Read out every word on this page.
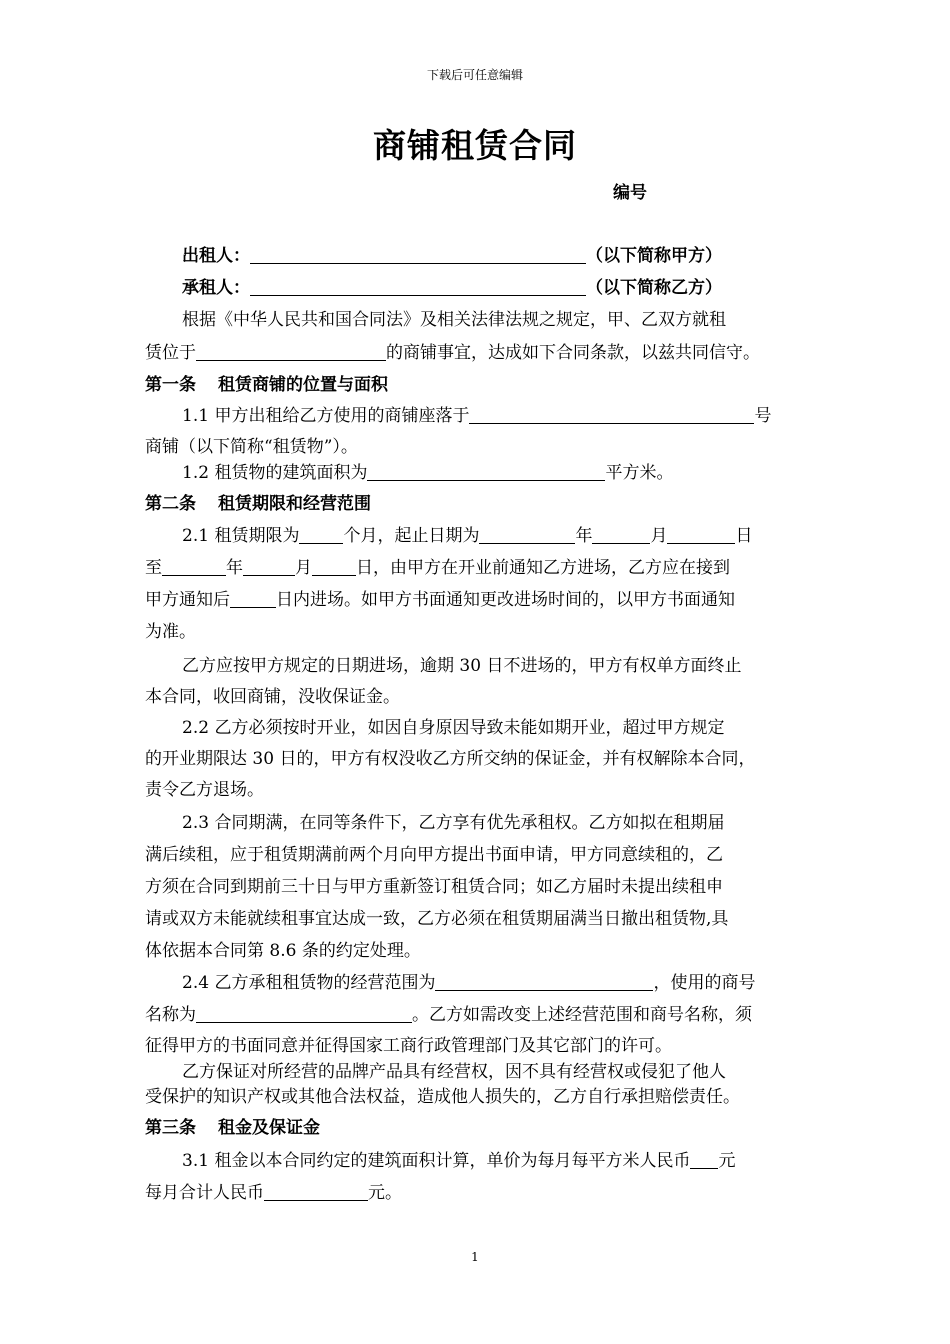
下载后可任意编辑
商铺租赁合同
编号
出租人：	（以下简称甲方）
承租人：	（以下简称乙方）
根据《中华人民共和国合同法》及相关法律法规之规定，甲、乙双方就租
赁位于	的商铺事宜，达成如下合同条款，以兹共同信守。
第一条 租赁商铺的位置与面积
1.1 甲方出租给乙方使用的商铺座落于	号
商铺（以下简称“租赁物”）。
1.2 租赁物的建筑面积为	平方米。
第二条 租赁期限和经营范围
2.1 租赁期限为	个月，起止日期为	年	月	日
至	年	月	日，由甲方在开业前通知乙方进场，乙方应在接到
甲方通知后	日内进场。如甲方书面通知更改进场时间的，以甲方书面通知
为准。
乙方应按甲方规定的日期进场，逾期 30 日不进场的，甲方有权单方面终止
本合同，收回商铺，没收保证金。
2.2 乙方必须按时开业，如因自身原因导致未能如期开业，超过甲方规定
的开业期限达 30 日的，甲方有权没收乙方所交纳的保证金，并有权解除本合同，
责令乙方退场。
2.3 合同期满，在同等条件下，乙方享有优先承租权。乙方如拟在租期届
满后续租，应于租赁期满前两个月向甲方提出书面申请，甲方同意续租的，乙
方须在合同到期前三十日与甲方重新签订租赁合同；如乙方届时未提出续租申
请或双方未能就续租事宜达成一致，乙方必须在租赁期届满当日撤出租赁物,具
体依据本合同第 8.6 条的约定处理。
2.4 乙方承租租赁物的经营范围为	，使用的商号
名称为	。乙方如需改变上述经营范围和商号名称，须
征得甲方的书面同意并征得国家工商行政管理部门及其它部门的许可。
乙方保证对所经营的品牌产品具有经营权，因不具有经营权或侵犯了他人
受保护的知识产权或其他合法权益，造成他人损失的，乙方自行承担赔偿责任。
第三条 租金及保证金
3.1 租金以本合同约定的建筑面积计算，单价为每月每平方米人民币 元
每月合计人民币	元。
1
